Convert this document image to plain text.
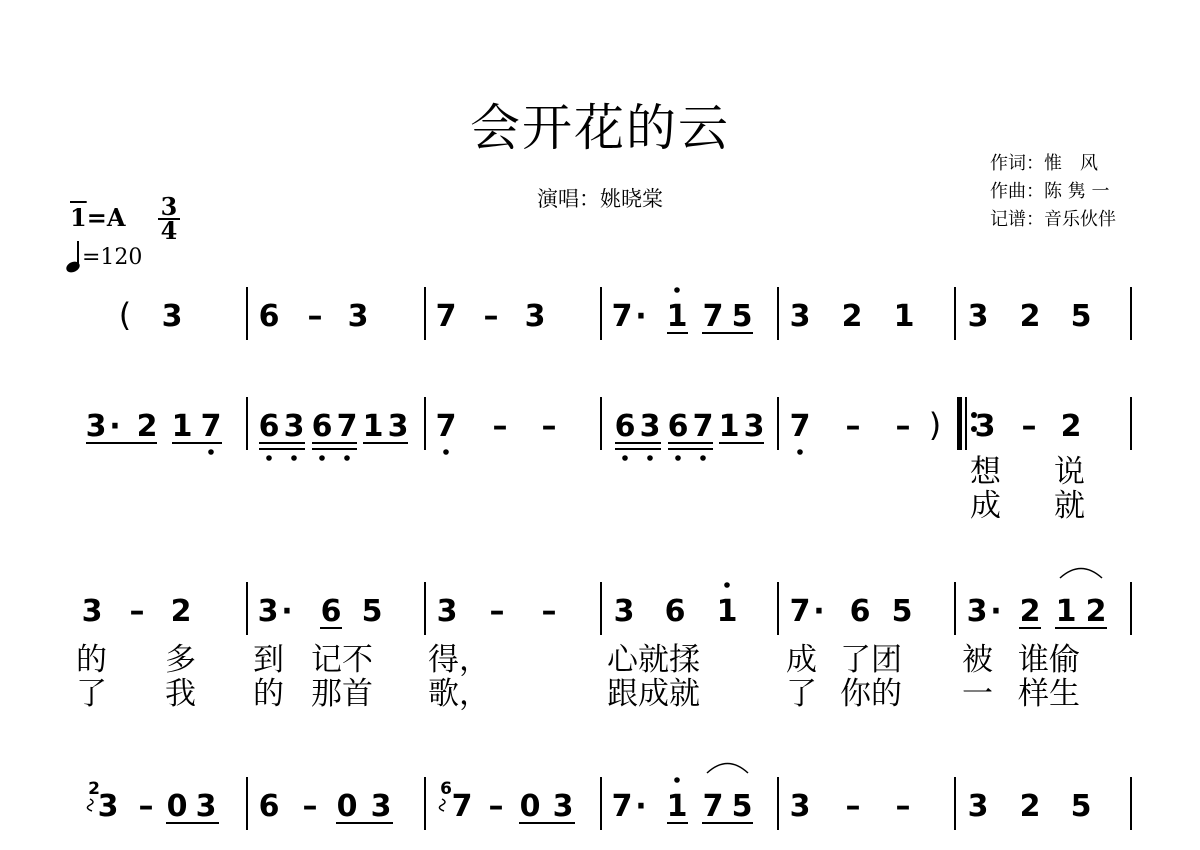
会开花的云
演唱：姚晓棠
作词：惟　风
作曲：陈 隽 一
记谱：音乐伙伴
1=A 3
4
=120
( 3	6 – 3 7 – 3 7 · 1 7 5 3 2 1 3 2 5
3 · 2 1 7 6 3 6 7 1 3 7 – – 6 3 6 7 1 3 7 – – ) 3 – 2
3 – 2 3 · 6 5 3 – – 3 6 1 7 · 6 5 3 · 2 1 2
3 – 0 3 6 – 0 3 7 – 0 3 7 · 1 7 5 3 – – 3 2 5
2	6
想 说
成 就
的 多 到 记不 得，	心就揉	成 了团 被 谁偷
了 我 的 那首 歌，	跟成就	了 你的 一 样生
